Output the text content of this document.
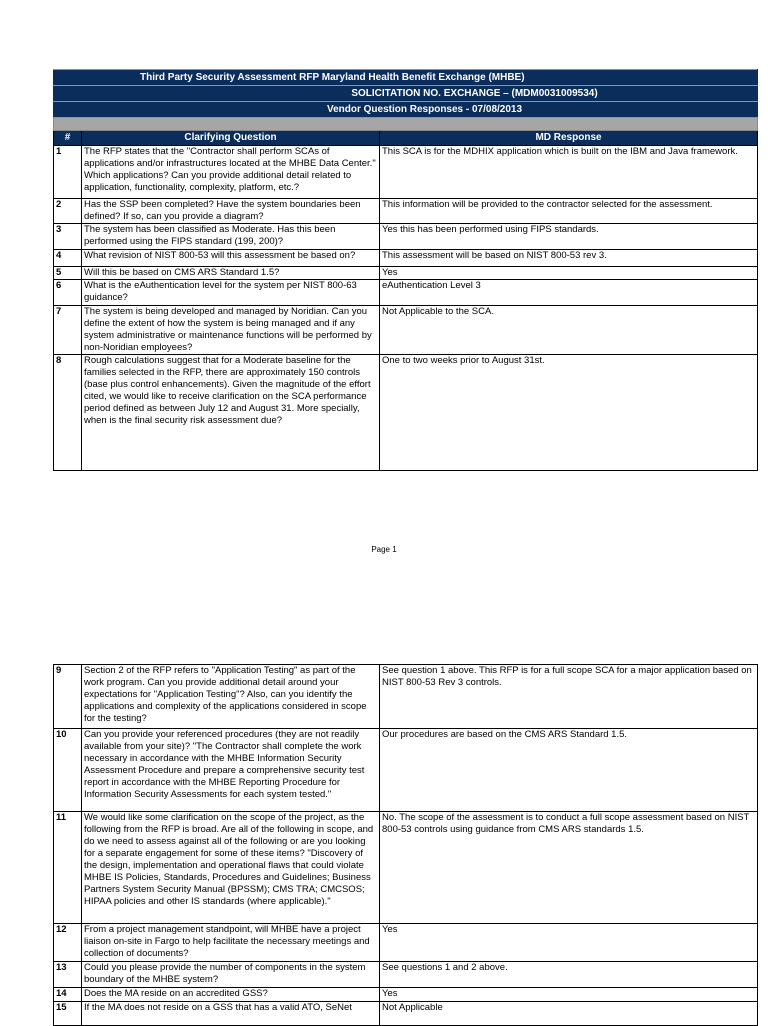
Third Party Security Assessment RFP Maryland Health Benefit Exchange (MHBE)		
SOLICITATION NO. EXCHANGE – (MDM0031009534)		
Vendor Question Responses - 07/08/2013		

#	Clarifying Question	MD Response
1	The RFP states that the "Contractor shall perform SCAs of applications and/or infrastructures located at the MHBE Data Center." Which applications? Can you provide additional detail related to application, functionality, complexity, platform, etc.?	This SCA is for the MDHIX application which is built on the IBM and Java framework.
2	Has the SSP been completed? Have the system boundaries been defined? If so, can you provide a diagram?	This information will be provided to the contractor selected for the assessment.
3	The system has been classified as Moderate. Has this been performed using the FIPS standard (199, 200)?	Yes this has been performed using FIPS standards.
4	What revision of NIST 800-53 will this assessment be based on?	This assessment will be based on NIST 800-53 rev 3.
5	Will this be based on CMS ARS Standard 1.5?	Yes
6	What is the eAuthentication level for the system per NIST 800-63 guidance?	eAuthentication Level 3
7	The system is being developed and managed by Noridian. Can you define the extent of how the system is being managed and if any system administrative or maintenance functions will be performed by non-Noridian employees?	Not Applicable to the SCA.
8	Rough calculations suggest that for a Moderate baseline for the families selected in the RFP, there are approximately 150 controls (base plus control enhancements). Given the magnitude of the effort cited, we would like to receive clarification on the SCA performance period defined as between July 12 and August 31. More specially, when is the final security risk assessment due?	One to two weeks prior to August 31st.
Page 1
9	Section 2 of the RFP refers to "Application Testing" as part of the work program. Can you provide additional detail around your expectations for "Application Testing"? Also, can you identify the applications and complexity of the applications considered in scope for the testing?	See question 1 above. This RFP is for a full scope SCA for a major application based on NIST 800-53 Rev 3 controls.
10	Can you provide your referenced procedures (they are not readily available from your site)? "The Contractor shall complete the work necessary in accordance with the MHBE Information Security Assessment Procedure and prepare a comprehensive security test report in accordance with the MHBE Reporting Procedure for Information Security Assessments for each system tested."	Our procedures are based on the CMS ARS Standard 1.5.
11	We would like some clarification on the scope of the project, as the following from the RFP is broad. Are all of the following in scope, and do we need to assess against all of the following or are you looking for a separate engagement for some of these items? "Discovery of the design, implementation and operational flaws that could violate MHBE IS Policies, Standards, Procedures and Guidelines; Business Partners System Security Manual (BPSSM); CMS TRA; CMCSOS; HIPAA policies and other IS standards (where applicable)."	No. The scope of the assessment is to conduct a full scope assessment based on NIST 800-53 controls using guidance from CMS ARS standards 1.5.
12	From a project management standpoint, will MHBE have a project liaison on-site in Fargo to help facilitate the necessary meetings and collection of documents?	Yes
13	Could you please provide the number of components in the system boundary of the MHBE system?	See questions 1 and 2 above.
14	Does the MA reside on an accredited GSS?	Yes
15	If the MA does not reside on a GSS that has a valid ATO, SeNet	Not Applicable
